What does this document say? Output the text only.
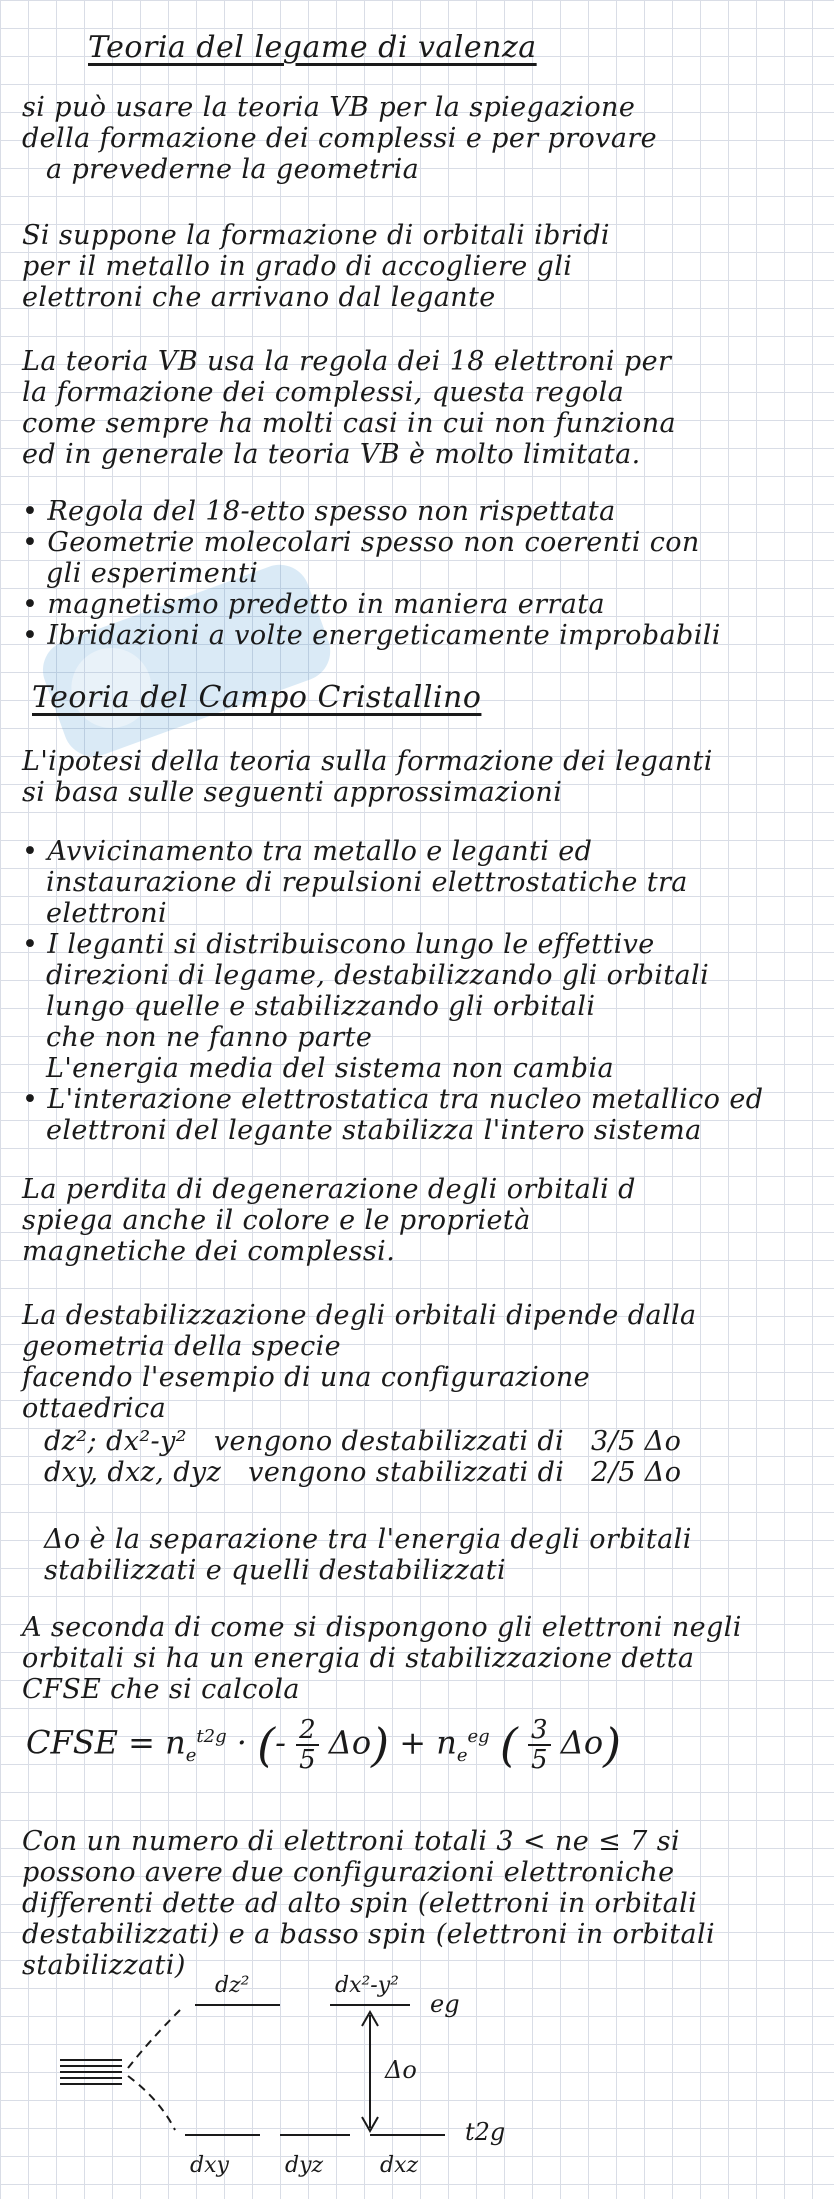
Teoria del legame di valenza
si può usare la teoria VB per la spiegazione
della formazione dei complessi e per provare
a prevederne la geometria
Si suppone la formazione di orbitali ibridi
per il metallo in grado di accogliere gli
elettroni che arrivano dal legante
La teoria VB usa la regola dei 18 elettroni per
la formazione dei complessi, questa regola
come sempre ha molti casi in cui non funziona
ed in generale la teoria VB è molto limitata.
• Regola del 18-etto spesso non rispettata
• Geometrie molecolari spesso non coerenti con
gli esperimenti
• magnetismo predetto in maniera errata
• Ibridazioni a volte energeticamente improbabili
Teoria del Campo Cristallino
L'ipotesi della teoria sulla formazione dei leganti
si basa sulle seguenti approssimazioni
• Avvicinamento tra metallo e leganti ed
instaurazione di repulsioni elettrostatiche tra
elettroni
• I leganti si distribuiscono lungo le effettive
direzioni di legame, destabilizzando gli orbitali
lungo quelle e stabilizzando gli orbitali
che non ne fanno parte
L'energia media del sistema non cambia
• L'interazione elettrostatica tra nucleo metallico ed
elettroni del legante stabilizza l'intero sistema
La perdita di degenerazione degli orbitali d
spiega anche il colore e le proprietà
magnetiche dei complessi.
La destabilizzazione degli orbitali dipende dalla
geometria della specie
facendo l'esempio di una configurazione
ottaedrica
dz²; dx²-y² vengono destabilizzati di 3/5 Δo
dxy, dxz, dyz vengono stabilizzati di 2/5 Δo
Δo è la separazione tra l'energia degli orbitali
stabilizzati e quelli destabilizzati
A seconda di come si dispongono gli elettroni negli
orbitali si ha un energia di stabilizzazione detta
CFSE che si calcola
CFSE = $n_e^{t2g}$ · (- $\frac{2}{5} \Delta o) + n_e^{eg}$ ( $\frac{3}{5} \Delta o$)
Con un numero di elettroni totali 3 < ne ≤ 7 si
possono avere due configurazioni elettroniche
differenti dette ad alto spin (elettroni in orbitali
destabilizzati) e a basso spin (elettroni in orbitali
stabilizzati)
dz²	dx²-y²
eg
Δo
t2g
dxy	dyz	dxz
